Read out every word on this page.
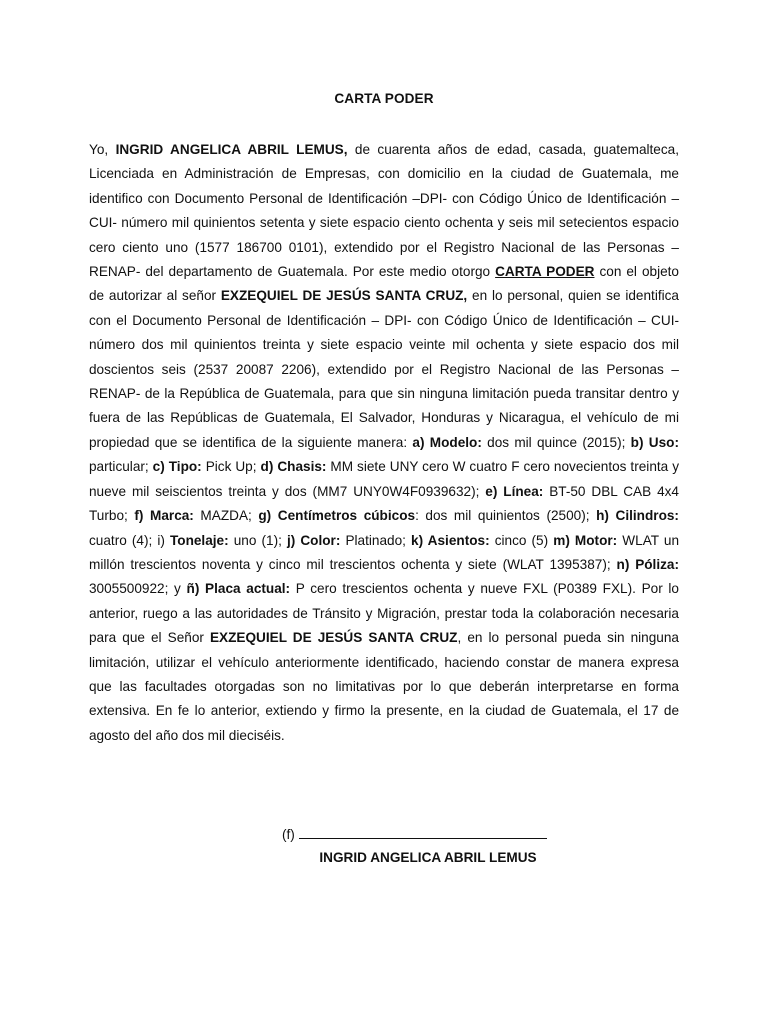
CARTA PODER

Yo, INGRID ANGELICA ABRIL LEMUS, de cuarenta años de edad, casada, guatemalteca, Licenciada en Administración de Empresas, con domicilio en la ciudad de Guatemala, me identifico con Documento Personal de Identificación –DPI- con Código Único de Identificación –CUI- número mil quinientos setenta y siete espacio ciento ochenta y seis mil setecientos espacio cero ciento uno (1577 186700 0101), extendido por el Registro Nacional de las Personas – RENAP- del departamento de Guatemala. Por este medio otorgo CARTA PODER con el objeto de autorizar al señor EXZEQUIEL DE JESÚS SANTA CRUZ, en lo personal, quien se identifica con el Documento Personal de Identificación – DPI- con Código Único de Identificación – CUI- número dos mil quinientos treinta y siete espacio veinte mil ochenta y siete espacio dos mil doscientos seis (2537 20087 2206), extendido por el Registro Nacional de las Personas – RENAP- de la República de Guatemala, para que sin ninguna limitación pueda transitar dentro y fuera de las Repúblicas de Guatemala, El Salvador, Honduras y Nicaragua, el vehículo de mi propiedad que se identifica de la siguiente manera: a) Modelo: dos mil quince (2015); b) Uso: particular; c) Tipo: Pick Up; d) Chasis: MM siete UNY cero W cuatro F cero novecientos treinta y nueve mil seiscientos treinta y dos (MM7 UNY0W4F0939632); e) Línea: BT-50 DBL CAB 4x4 Turbo; f) Marca: MAZDA; g) Centímetros cúbicos: dos mil quinientos (2500); h) Cilindros: cuatro (4); i) Tonelaje: uno (1); j) Color: Platinado; k) Asientos: cinco (5) m) Motor: WLAT un millón trescientos noventa y cinco mil trescientos ochenta y siete (WLAT 1395387); n) Póliza: 3005500922; y ñ) Placa actual: P cero trescientos ochenta y nueve FXL (P0389 FXL). Por lo anterior, ruego a las autoridades de Tránsito y Migración, prestar toda la colaboración necesaria para que el Señor EXZEQUIEL DE JESÚS SANTA CRUZ, en lo personal pueda sin ninguna limitación, utilizar el vehículo anteriormente identificado, haciendo constar de manera expresa que las facultades otorgadas son no limitativas por lo que deberán interpretarse en forma extensiva. En fe lo anterior, extiendo y firmo la presente, en la ciudad de Guatemala, el 17 de agosto del año dos mil dieciséis.

(f)
INGRID ANGELICA ABRIL LEMUS
